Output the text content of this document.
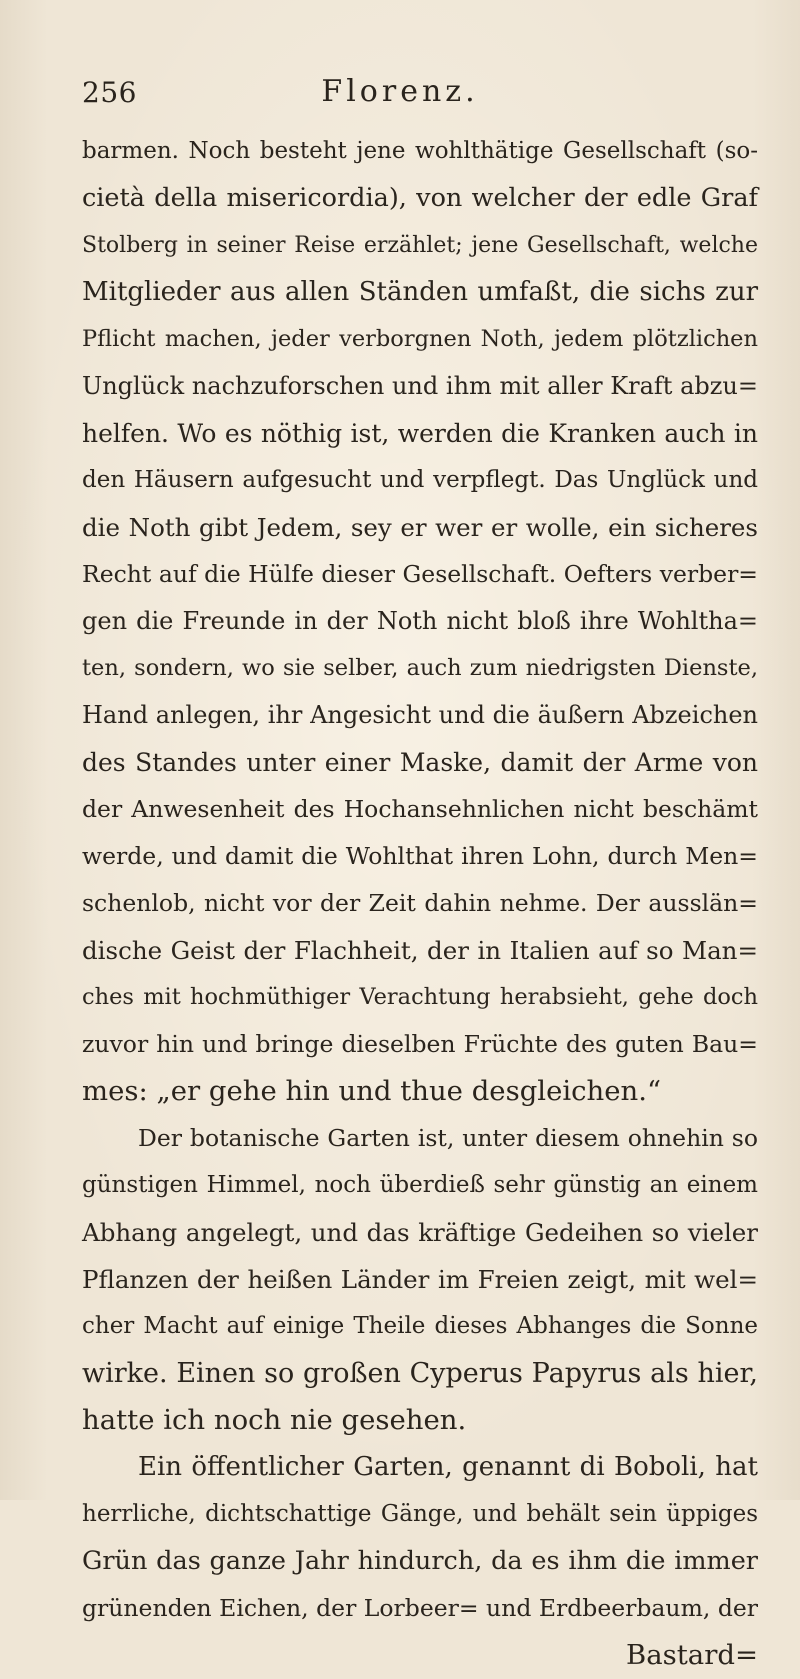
256	Florenz.
barmen. Noch besteht jene wohlthätige Gesellschaft (so-
cietà della misericordia), von welcher der edle Graf
Stolberg in seiner Reise erzählet; jene Gesellschaft, welche
Mitglieder aus allen Ständen umfaßt, die sichs zur
Pflicht machen, jeder verborgnen Noth, jedem plötzlichen
Unglück nachzuforschen und ihm mit aller Kraft abzu=
helfen. Wo es nöthig ist, werden die Kranken auch in
den Häusern aufgesucht und verpflegt. Das Unglück und
die Noth gibt Jedem, sey er wer er wolle, ein sicheres
Recht auf die Hülfe dieser Gesellschaft. Oefters verber=
gen die Freunde in der Noth nicht bloß ihre Wohltha=
ten, sondern, wo sie selber, auch zum niedrigsten Dienste,
Hand anlegen, ihr Angesicht und die äußern Abzeichen
des Standes unter einer Maske, damit der Arme von
der Anwesenheit des Hochansehnlichen nicht beschämt
werde, und damit die Wohlthat ihren Lohn, durch Men=
schenlob, nicht vor der Zeit dahin nehme. Der ausslän=
dische Geist der Flachheit, der in Italien auf so Man=
ches mit hochmüthiger Verachtung herabsieht, gehe doch
zuvor hin und bringe dieselben Früchte des guten Bau=
mes: „er gehe hin und thue desgleichen.“
Der botanische Garten ist, unter diesem ohnehin so
günstigen Himmel, noch überdieß sehr günstig an einem
Abhang angelegt, und das kräftige Gedeihen so vieler
Pflanzen der heißen Länder im Freien zeigt, mit wel=
cher Macht auf einige Theile dieses Abhanges die Sonne
wirke. Einen so großen Cyperus Papyrus als hier,
hatte ich noch nie gesehen.
Ein öffentlicher Garten, genannt di Boboli, hat
herrliche, dichtschattige Gänge, und behält sein üppiges
Grün das ganze Jahr hindurch, da es ihm die immer
grünenden Eichen, der Lorbeer= und Erdbeerbaum, der
Bastard=
